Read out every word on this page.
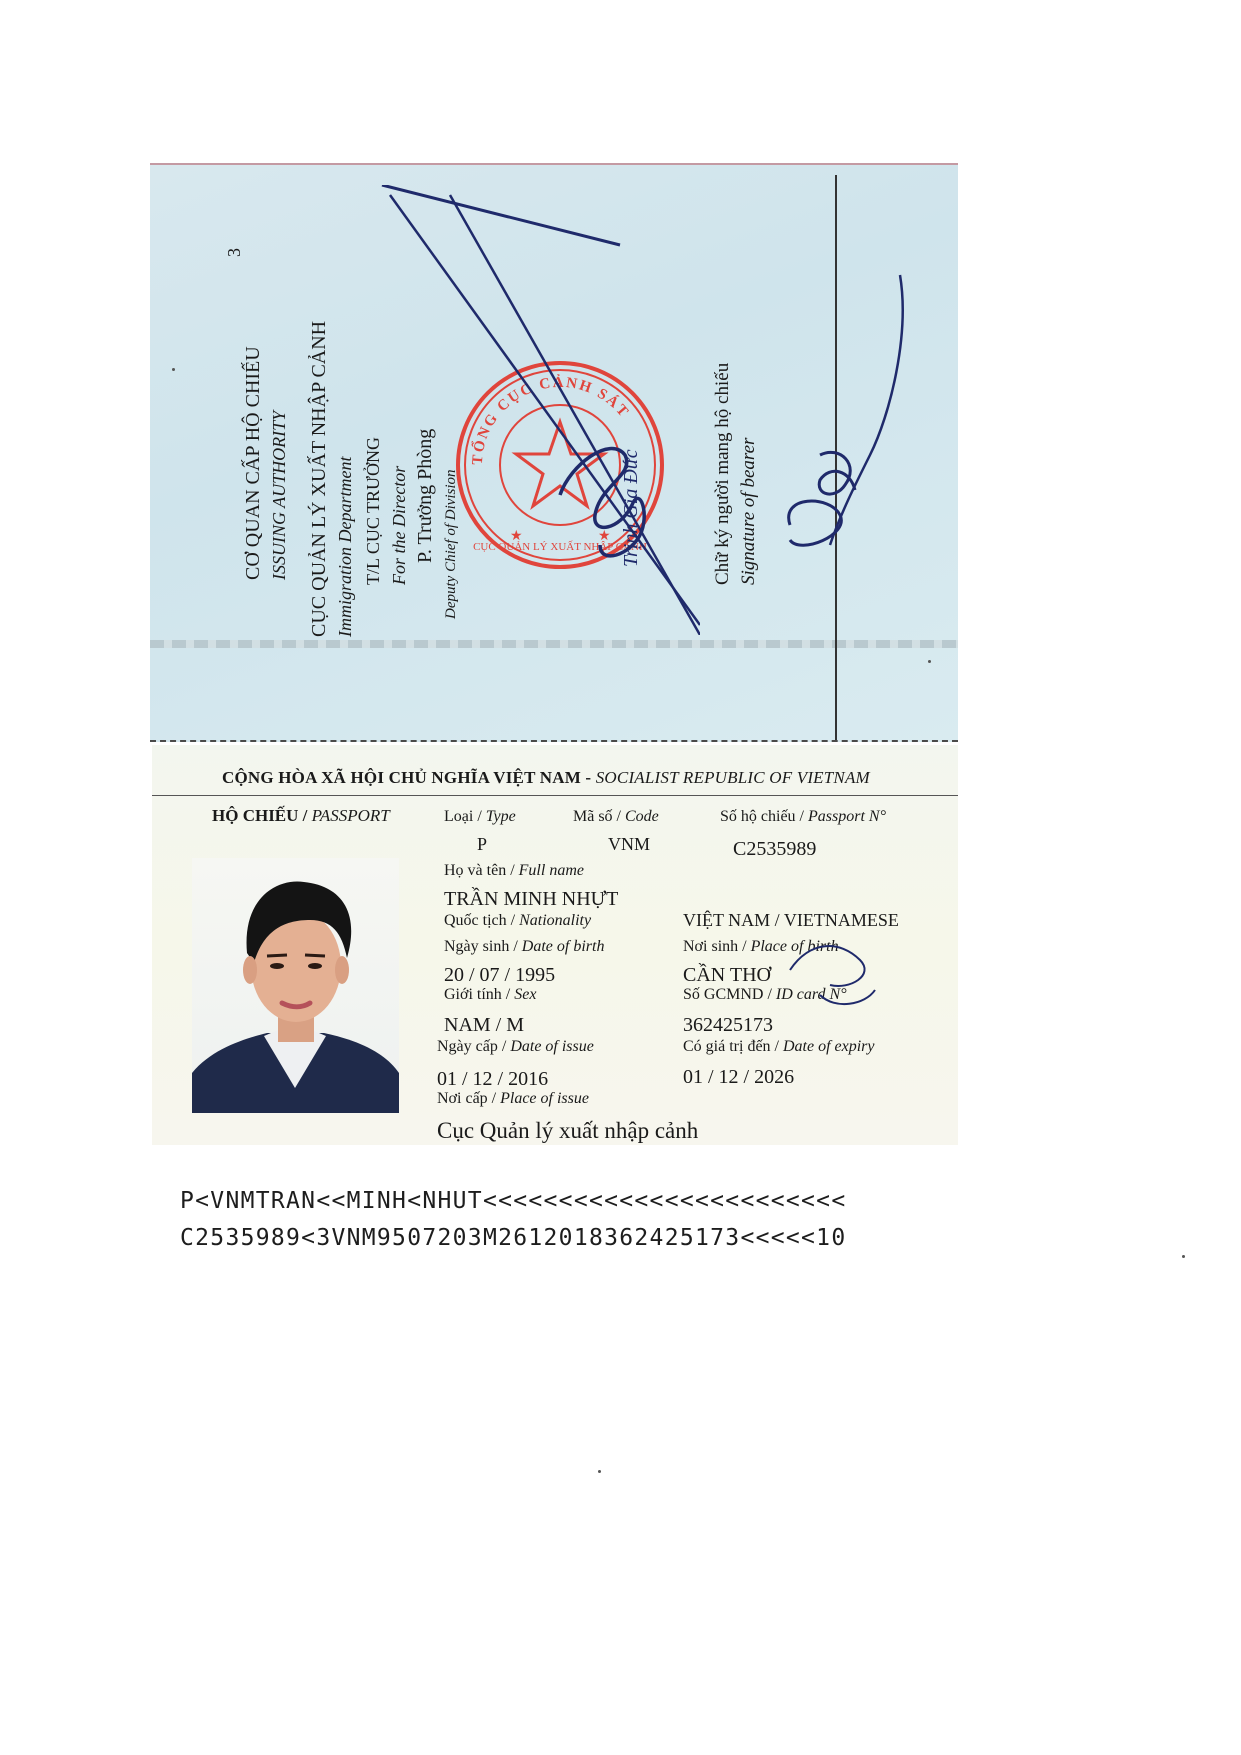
3
CƠ QUAN CẤP HỘ CHIẾU ISSUING AUTHORITY CỤC QUẢN LÝ XUẤT NHẬP CẢNH Immigration Department T/L CỤC TRƯỞNG For the Director P. Trưởng Phòng Deputy Chief of Division
TỔNG CỤC CẢNH SÁT
CỤC QUẢN LÝ XUẤT NHẬP CẢNH
★	★ Trịnh Gia Đức	Chữ ký người mang hộ chiếu Signature of bearer
CỘNG HÒA XÃ HỘI CHỦ NGHĨA VIỆT NAM - SOCIALIST REPUBLIC OF VIETNAM
HỘ CHIẾU / PASSPORT	Loại / Type	Mã số / Code	Số hộ chiếu / Passport N°
P	VNM	C2535989
Họ và tên / Full name
TRẦN MINH NHỰT
Quốc tịch / Nationality	VIỆT NAM / VIETNAMESE
Ngày sinh / Date of birth	Nơi sinh / Place of birth
20 / 07 / 1995	CẦN THƠ
Giới tính / Sex	Số GCMND / ID card N°
NAM / M	362425173
Ngày cấp / Date of issue	Có giá trị đến / Date of expiry
01 / 12 / 2016	01 / 12 / 2026
Nơi cấp / Place of issue
Cục Quản lý xuất nhập cảnh
P<VNMTRAN<<MINH<NHUT<<<<<<<<<<<<<<<<<<<<<<<<
C2535989<3VNM9507203M2612018362425173<<<<<10
